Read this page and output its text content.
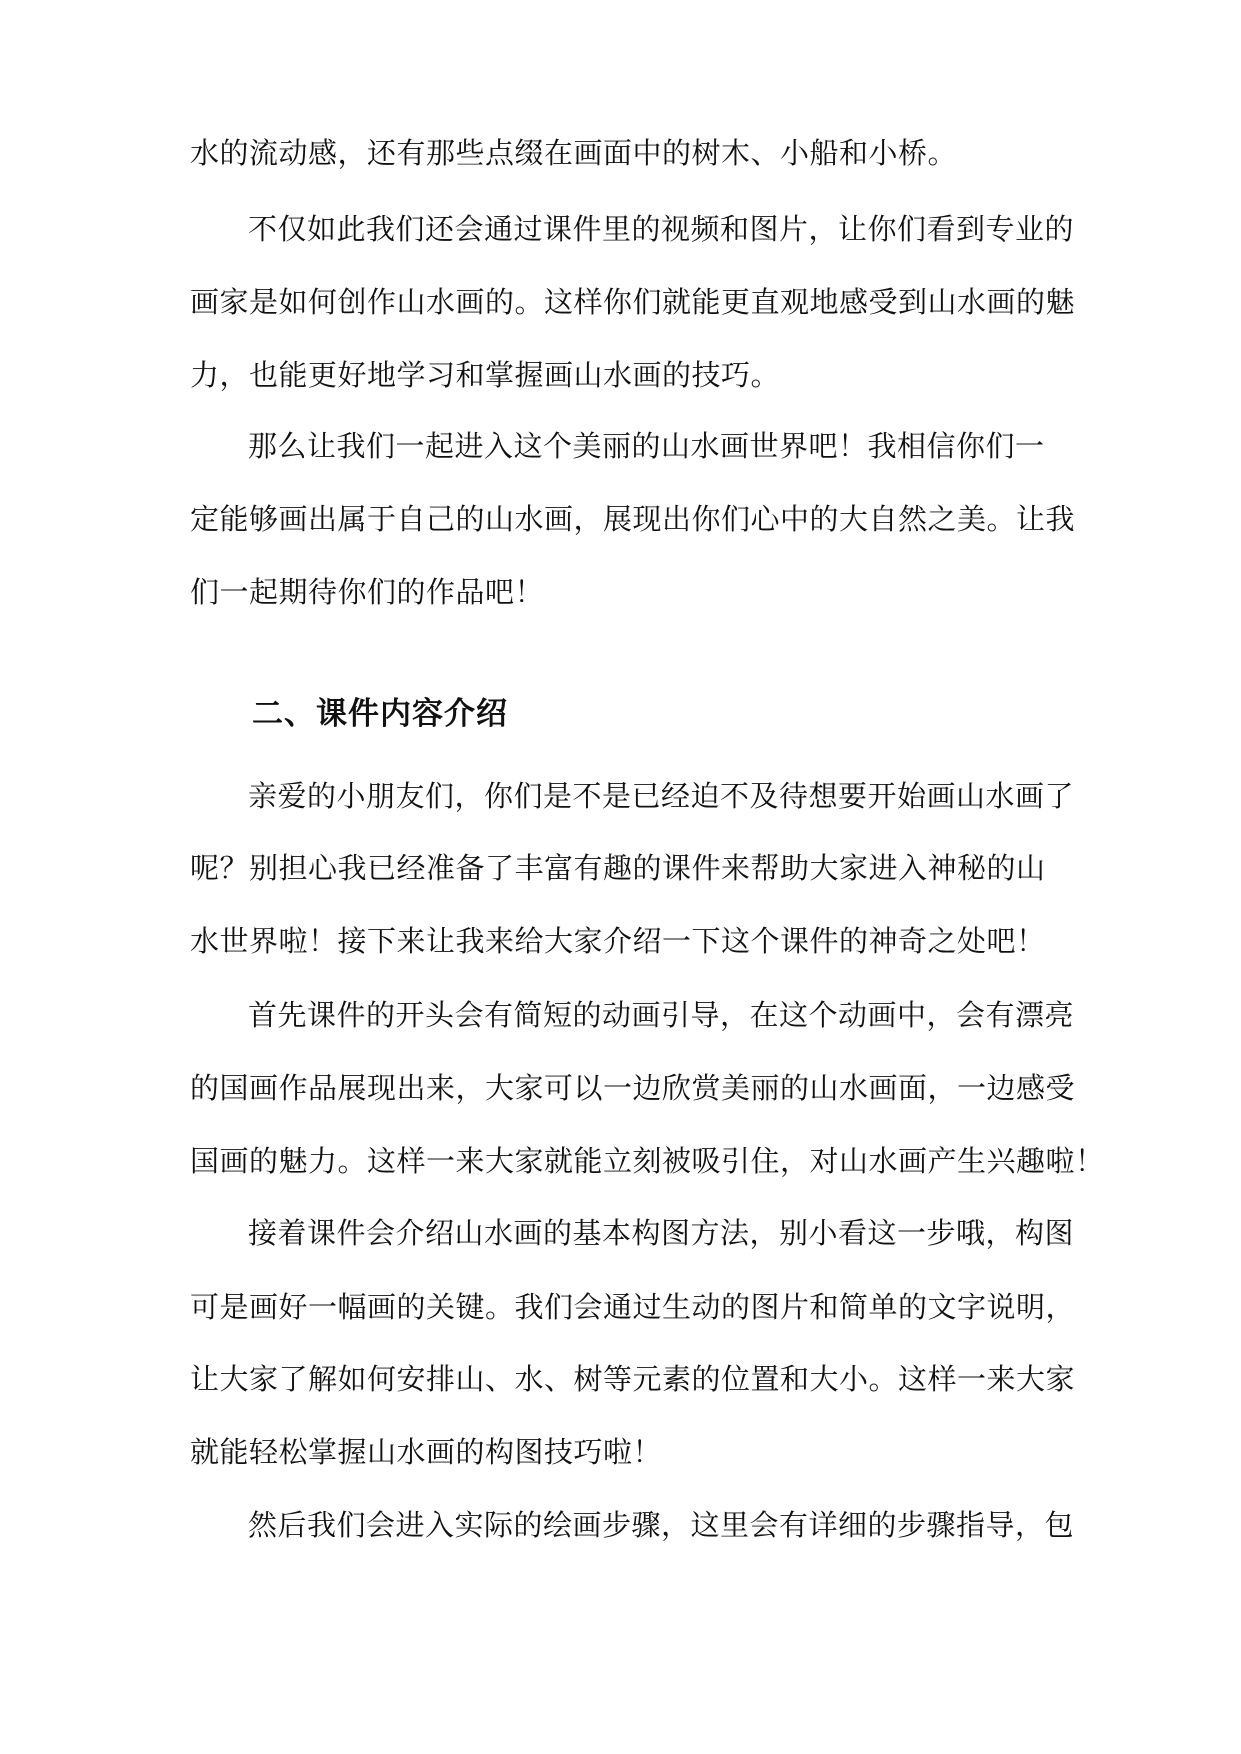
水的流动感，还有那些点缀在画面中的树木、小船和小桥。
不仅如此我们还会通过课件里的视频和图片，让你们看到专业的
画家是如何创作山水画的。这样你们就能更直观地感受到山水画的魅
力，也能更好地学习和掌握画山水画的技巧。
那么让我们一起进入这个美丽的山水画世界吧！我相信你们一
定能够画出属于自己的山水画，展现出你们心中的大自然之美。让我
们一起期待你们的作品吧！
二、课件内容介绍
亲爱的小朋友们，你们是不是已经迫不及待想要开始画山水画了
呢？别担心我已经准备了丰富有趣的课件来帮助大家进入神秘的山
水世界啦！接下来让我来给大家介绍一下这个课件的神奇之处吧！
首先课件的开头会有简短的动画引导，在这个动画中，会有漂亮
的国画作品展现出来，大家可以一边欣赏美丽的山水画面，一边感受
国画的魅力。这样一来大家就能立刻被吸引住，对山水画产生兴趣啦！
接着课件会介绍山水画的基本构图方法，别小看这一步哦，构图
可是画好一幅画的关键。我们会通过生动的图片和简单的文字说明，
让大家了解如何安排山、水、树等元素的位置和大小。这样一来大家
就能轻松掌握山水画的构图技巧啦！
然后我们会进入实际的绘画步骤，这里会有详细的步骤指导，包
